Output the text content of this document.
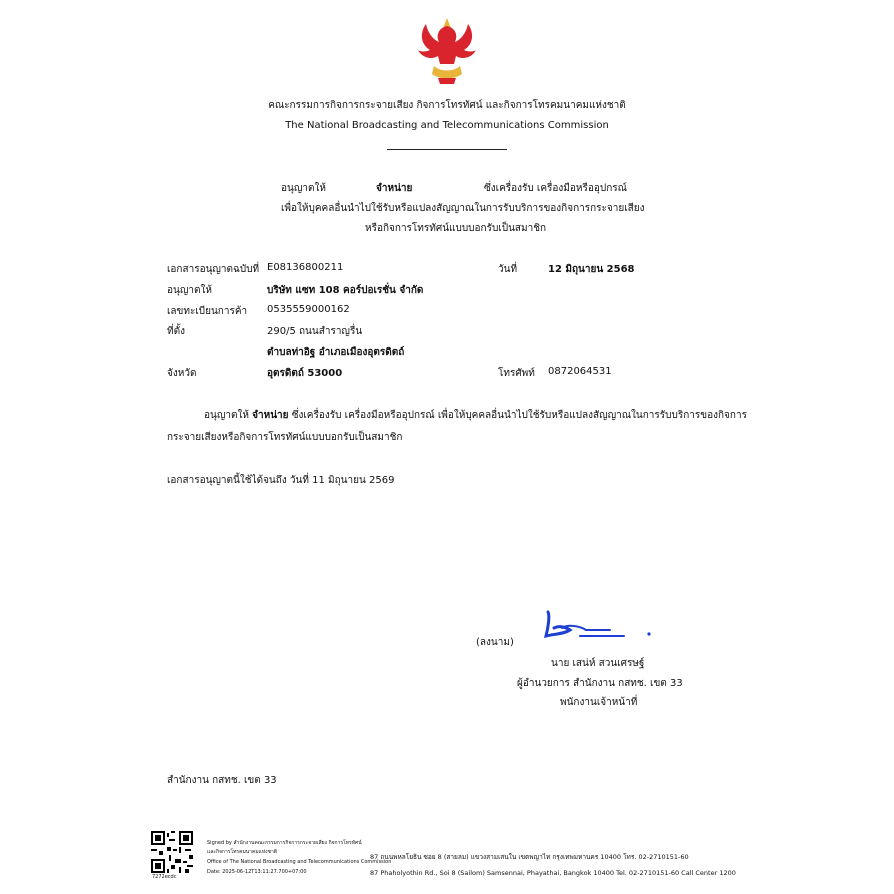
คณะกรรมการกิจการกระจายเสียง กิจการโทรทัศน์ และกิจการโทรคมนาคมแห่งชาติ
The National Broadcasting and Telecommunications Commission
อนุญาตให้	จำหน่าย	ซึ่งเครื่องรับ เครื่องมือหรืออุปกรณ์
เพื่อให้บุคคลอื่นนำไปใช้รับหรือแปลงสัญญาณในการรับบริการของกิจการกระจายเสียง
หรือกิจการโทรทัศน์แบบบอกรับเป็นสมาชิก
เอกสารอนุญาตฉบับที่ E08136800211	วันที่	12 มิถุนายน 2568
อนุญาตให้	บริษัท แซท 108 คอร์ปอเรชั่น จำกัด
เลขทะเบียนการค้า 0535559000162
ที่ตั้ง	290/5 ถนนสำราญรื่น
ตำบลท่าอิฐ อำเภอเมืองอุตรดิตถ์
จังหวัด	อุตรดิตถ์ 53000	โทรศัพท์ 0872064531
อนุญาตให้ จำหน่าย ซึ่งเครื่องรับ เครื่องมือหรืออุปกรณ์ เพื่อให้บุคคลอื่นนำไปใช้รับหรือแปลงสัญญาณในการรับบริการของกิจการ
กระจายเสียงหรือกิจการโทรทัศน์แบบบอกรับเป็นสมาชิก
เอกสารอนุญาตนี้ใช้ได้จนถึง วันที่ 11 มิถุนายน 2569
(ลงนาม)
นาย เสน่ห์ สวนเศรษฐ์
ผู้อำนวยการ สำนักงาน กสทช. เขต 33
พนักงานเจ้าหน้าที่
สำนักงาน กสทช. เขต 33
7272ecdc
Signed by สำนักงานคณะกรรมการกิจการกระจายเสียง กิจการโทรทัศน์
และกิจการโทรคมนาคมแห่งชาติ
Office of The National Broadcasting and Telecommunications Commission
Date: 2025-06-12T13:11:27.700+07:00
87 ถนนพหลโยธิน ซอย 8 (สายลม) แขวงสามเสนใน เขตพญาไท กรุงเทพมหานคร 10400 โทร. 02-2710151-60
87 Phaholyothin Rd., Soi 8 (Sailom) Samsennai, Phayathai, Bangkok 10400 Tel. 02-2710151-60 Call Center 1200
